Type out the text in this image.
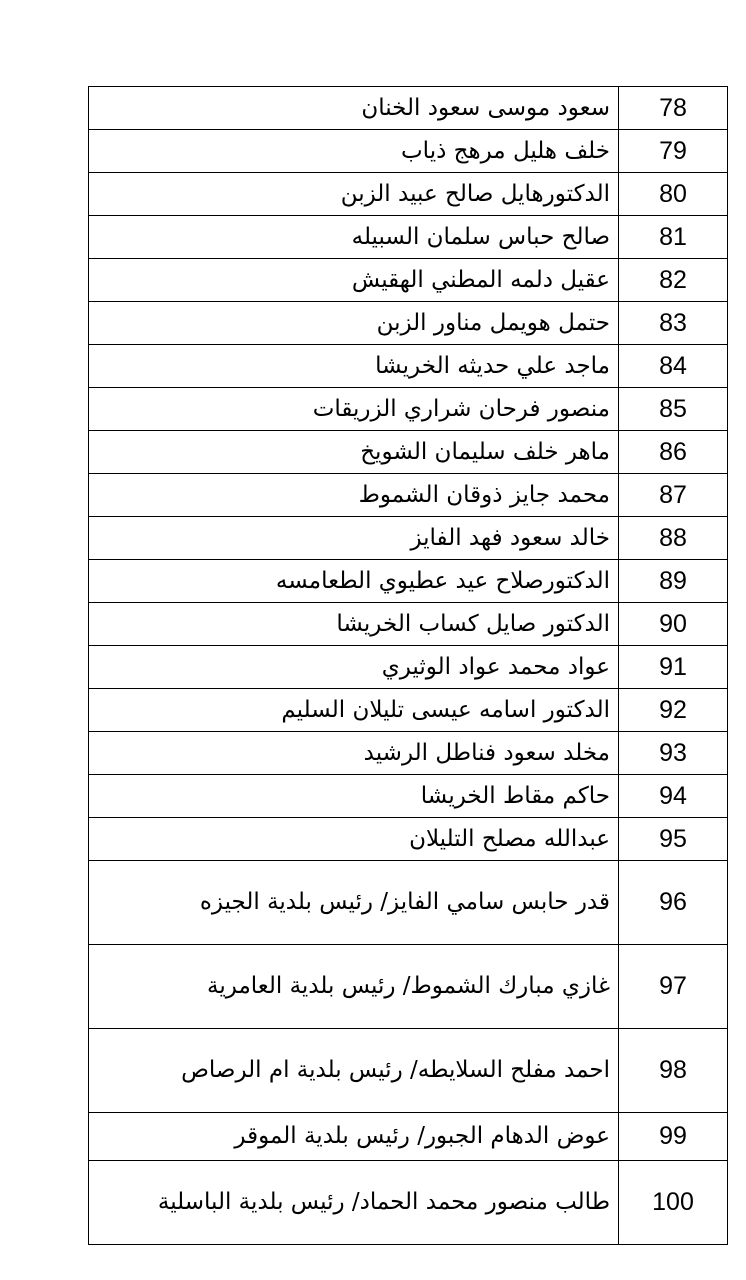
78	سعود موسى سعود الخنان
79	خلف هليل مرهج ذياب
80	الدكتورهايل صالح عبيد الزبن
81	صالح حباس سلمان السبيله
82	عقيل دلمه المطني الهقيش
83	حتمل هويمل مناور الزبن
84	ماجد علي حديثه الخريشا
85	منصور فرحان شراري الزريقات
86	ماهر خلف سليمان الشويخ
87	محمد جايز ذوقان الشموط
88	خالد سعود فهد الفايز
89	الدكتورصلاح عيد عطيوي الطعامسه
90	الدكتور صايل كساب الخريشا
91	عواد محمد عواد الوثيري
92	الدكتور اسامه عيسى تليلان السليم
93	مخلد سعود فناطل الرشيد
94	حاكم مقاط الخريشا
95	عبدالله مصلح التليلان
96	قدر حابس سامي الفايز/ رئيس بلدية الجيزه
97	غازي مبارك الشموط/ رئيس بلدية العامرية
98	احمد مفلح السلايطه/ رئيس بلدية ام الرصاص
99	عوض الدهام الجبور/ رئيس بلدية الموقر
100	طالب منصور محمد الحماد/ رئيس بلدية الباسلية
